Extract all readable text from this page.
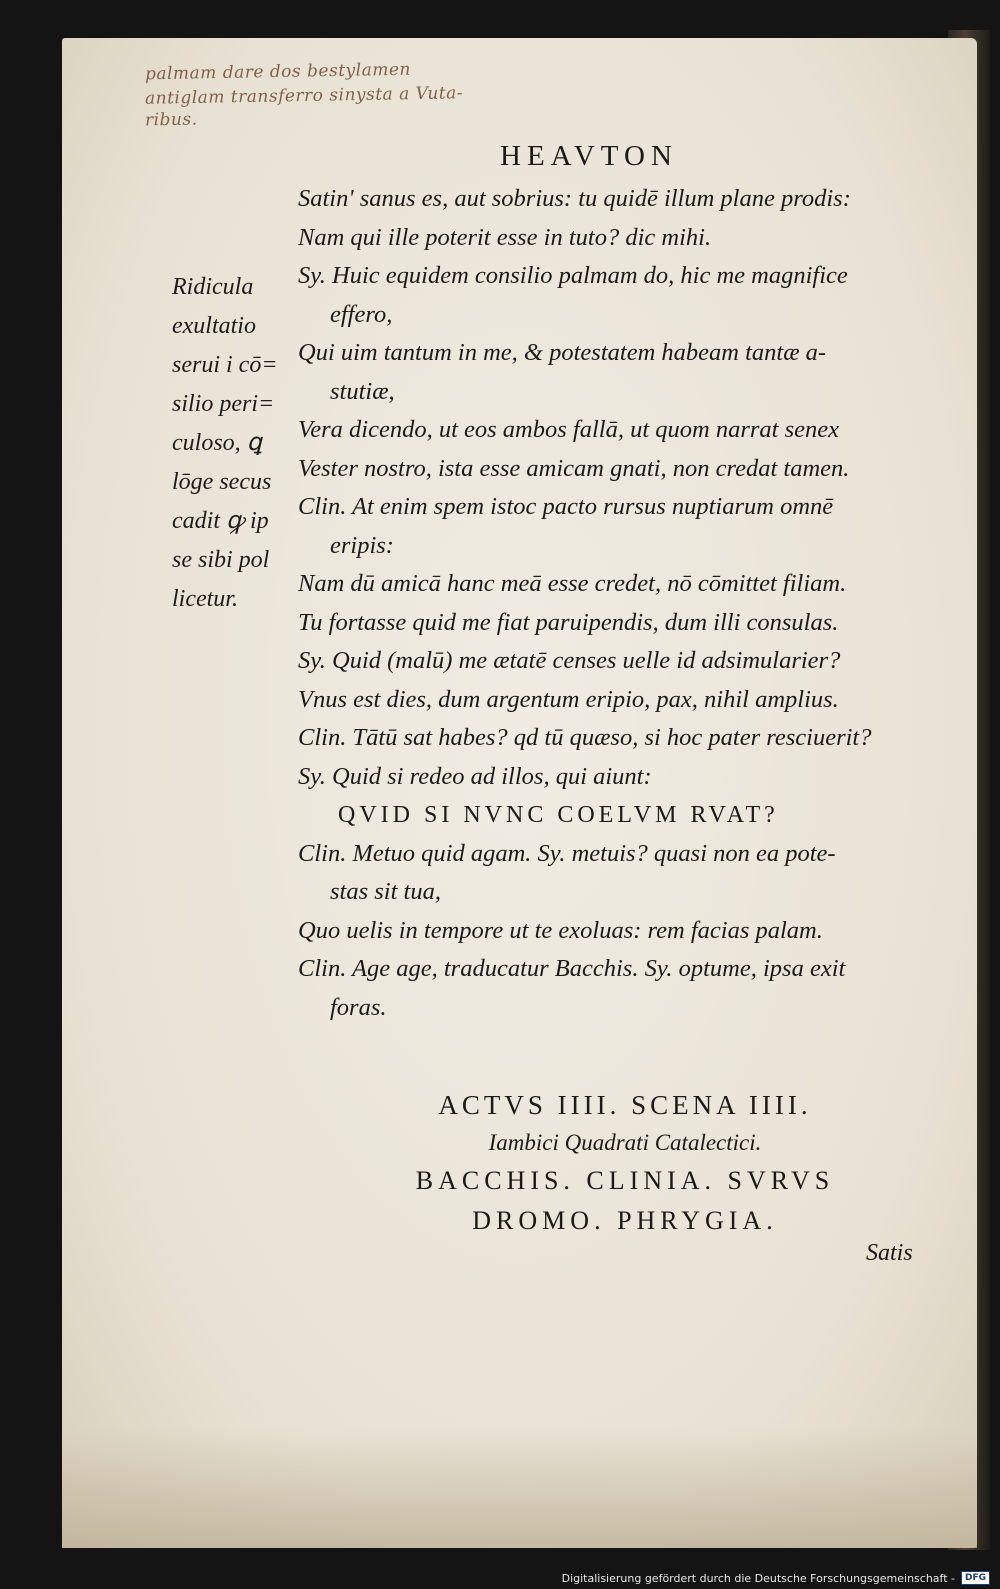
palmam dare dos bestylamen
antiglam transferro sinysta a Vuta-
ribus.
HEAVTON
Ridicula
exultatio
serui i cō=
silio peri=
culoso, ꝗ
lōge secus
cadit ꝙ ip
se sibi pol
licetur.
Satin' sanus es, aut sobrius: tu quidē illum plane prodis:
Nam qui ille poterit esse in tuto? dic mihi.
Sy. Huic equidem consilio palmam do, hic me magnifice
effero,
Qui uim tantum in me, & potestatem habeam tantæ a-
stutiæ,
Vera dicendo, ut eos ambos fallā, ut quom narrat senex
Vester nostro, ista esse amicam gnati, non credat tamen.
Clin. At enim spem istoc pacto rursus nuptiarum omnē
eripis:
Nam dū amicā hanc meā esse credet, nō cōmittet filiam.
Tu fortasse quid me fiat paruipendis, dum illi consulas.
Sy. Quid (malū) me ætatē censes uelle id adsimularier?
Vnus est dies, dum argentum eripio, pax, nihil amplius.
Clin. Tātū sat habes? qd tū quæso, si hoc pater resciuerit?
Sy. Quid si redeo ad illos, qui aiunt:
QVID SI NVNC COELVM RVAT?
Clin. Metuo quid agam. Sy. metuis? quasi non ea pote-
stas sit tua,
Quo uelis in tempore ut te exoluas: rem facias palam.
Clin. Age age, traducatur Bacchis. Sy. optume, ipsa exit
foras.
ACTVS IIII. SCENA IIII.
Iambici Quadrati Catalectici.
BACCHIS. CLINIA. SVRVS
DROMO. PHRYGIA.
Satis
Digitalisierung gefördert durch die Deutsche Forschungsgemeinschaft -	DFG
